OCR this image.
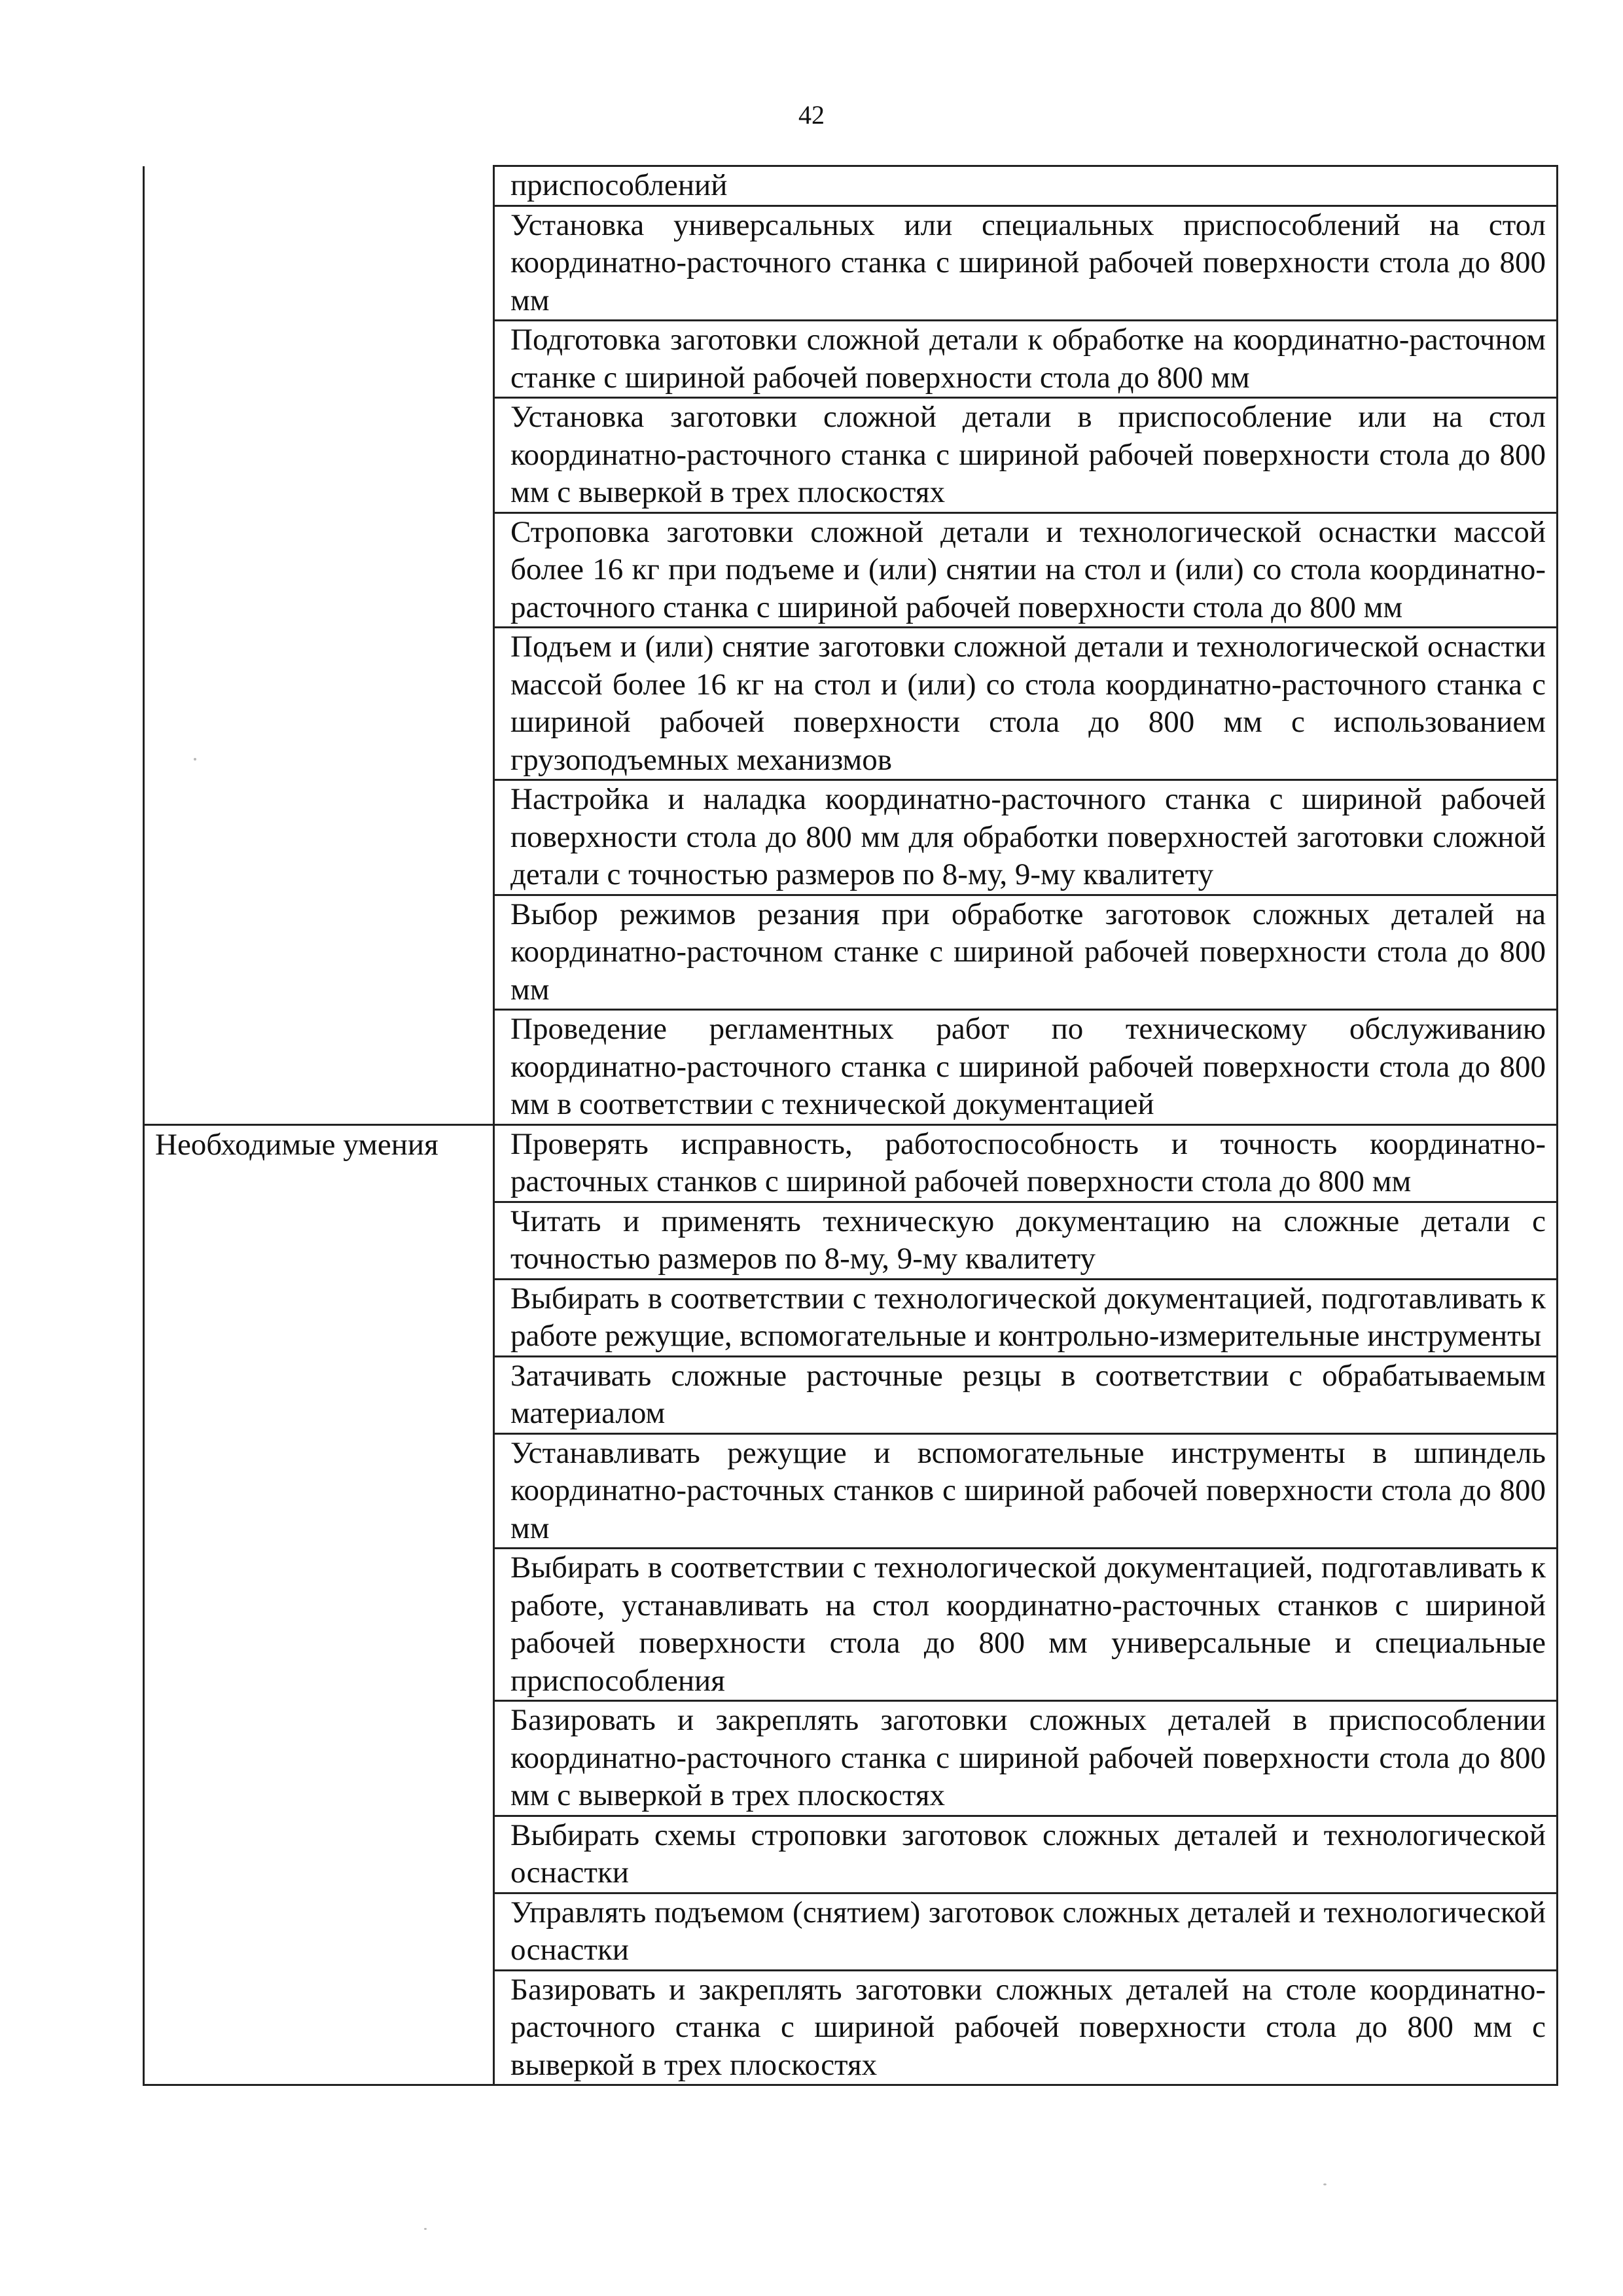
42

	приспособлений

	Установка универсальных или специальных приспособлений на стол координатно-расточного станка с шириной рабочей поверхности стола до 800 мм

	Подготовка заготовки сложной детали к обработке на координатно-расточном станке с шириной рабочей поверхности стола до 800 мм

	Установка заготовки сложной детали в приспособление или на стол координатно-расточного станка с шириной рабочей поверхности стола до 800 мм с выверкой в трех плоскостях

	Строповка заготовки сложной детали и технологической оснастки массой более 16 кг при подъеме и (или) снятии на стол и (или) со стола координатно-расточного станка с шириной рабочей поверхности стола до 800 мм

	Подъем и (или) снятие заготовки сложной детали и технологической оснастки массой более 16 кг на стол и (или) со стола координатно-расточного станка с шириной рабочей поверхности стола до 800 мм с использованием грузоподъемных механизмов

	Настройка и наладка координатно-расточного станка с шириной рабочей поверхности стола до 800 мм для обработки поверхностей заготовки сложной детали с точностью размеров по 8-му, 9-му квалитету

	Выбор режимов резания при обработке заготовок сложных деталей на координатно-расточном станке с шириной рабочей поверхности стола до 800 мм

	Проведение регламентных работ по техническому обслуживанию координатно-расточного станка с шириной рабочей поверхности стола до 800 мм в соответствии с технической документацией

Необходимые умения	Проверять исправность, работоспособность и точность координатно-расточных станков с шириной рабочей поверхности стола до 800 мм

	Читать и применять техническую документацию на сложные детали с точностью размеров по 8-му, 9-му квалитету

	Выбирать в соответствии с технологической документацией, подготавливать к работе режущие, вспомогательные и контрольно-измерительные инструменты

	Затачивать сложные расточные резцы в соответствии с обрабатываемым материалом

	Устанавливать режущие и вспомогательные инструменты в шпиндель координатно-расточных станков с шириной рабочей поверхности стола до 800 мм

	Выбирать в соответствии с технологической документацией, подготавливать к работе, устанавливать на стол координатно-расточных станков с шириной рабочей поверхности стола до 800 мм универсальные и специальные приспособления

	Базировать и закреплять заготовки сложных деталей в приспособлении координатно-расточного станка с шириной рабочей поверхности стола до 800 мм с выверкой в трех плоскостях

	Выбирать схемы строповки заготовок сложных деталей и технологической оснастки

	Управлять подъемом (снятием) заготовок сложных деталей и технологической оснастки

	Базировать и закреплять заготовки сложных деталей на столе координатно-расточного станка с шириной рабочей поверхности стола до 800 мм с выверкой в трех плоскостях
